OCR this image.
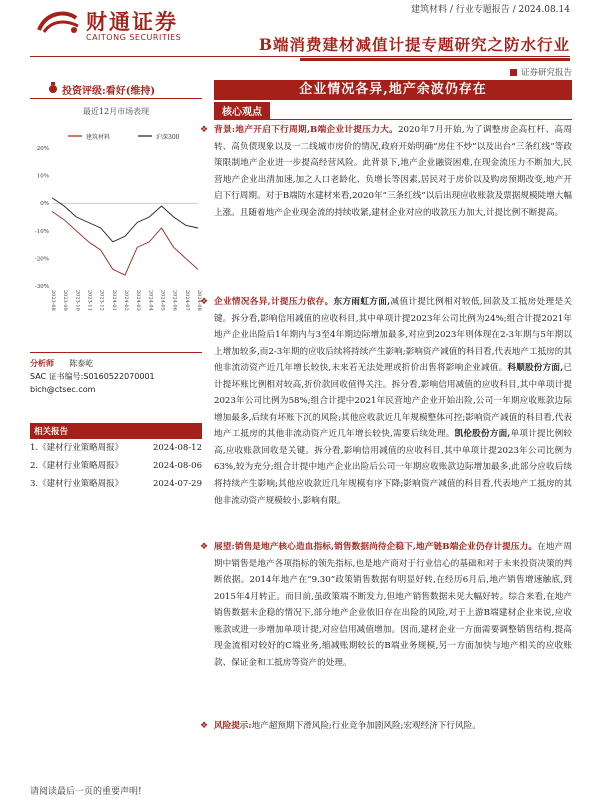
财通证券
CAITONG SECURITIES
建筑材料 / 行业专题报告 / 2024.08.14
B端消费建材减值计提专题研究之防水行业
证券研究报告
投资评级:看好(维持)
最近12月市场表现
建筑材料	沪深300
20%
10%
0%
-10%
-20%
-30%
2023-08 2023-09 2023-10 2023-11 2023-12 2024-01 2024-02 2024-03 2024-04 2024-05 2024-06 2024-07 2024-08
分析师 陈泰屹
SAC 证书编号:S0160522070001
bich@ctsec.com
相关报告
1.《建材行业策略周报》	2024-08-12
2.《建材行业策略周报》	2024-08-06
3.《建材行业策略周报》	2024-07-29
企业情况各异,地产余波仍存在
核心观点
❖ 背景:地产开启下行周期,B端企业计提压力大。2020年7月开始,为了调整房企高杠杆、高周转、高负债现象以及一二线城市房价的情况,政府开始明确“房住不炒”以及出台“三条红线”等政策限制地产企业进一步提高经营风险。此背景下,地产企业融资困难,在现金流压力不断加大,民营地产企业出清加速,加之人口老龄化、负增长等因素,居民对于房价以及购房预期改变,地产开启下行周期。对于B端防水建材来看,2020年“三条红线”以后出现应收账款及票据规模陡增大幅上涨。且随着地产企业现金流的持续收紧,建材企业对应的收款压力加大,计提比例不断提高。
❖ 企业情况各异,计提压力依存。东方雨虹方面,减值计提比例相对较低,回款及工抵房处理是关键。拆分看,影响信用减值的应收科目,其中单项计提2023年公司比例为24%;组合计提2021年地产企业出险后1年期内与3至4年期边际增加最多,对应到2023年则体现在2-3年期与5年期以上增加较多,而2-3年期的应收后续将持续产生影响;影响资产减值的科目看,代表地产工抵房的其他非流动资产近几年增长较快,未来若无法处理或折价出售将影响企业减值。科顺股份方面,已计提坏账比例相对较高,折价款回收值得关注。拆分看,影响信用减值的应收科目,其中单项计提2023年公司比例为58%;组合计提中2021年民营地产企业开始出险,公司一年期应收账款边际增加最多,后续有坏账下沉的风险;其他应收款近几年规模整体可控;影响资产减值的科目看,代表地产工抵房的其他非流动资产近几年增长较快,需要后续处理。凯伦股份方面,单项计提比例较高,应收账款回收是关键。拆分看,影响信用减值的应收科目,其中单项计提2023年公司比例为63%,较为充分;组合计提中地产企业出险后公司一年期应收账款边际增加最多,此部分应收后续将持续产生影响;其他应收款近几年规模有序下降;影响资产减值的科目看,代表地产工抵房的其他非流动资产规模较小,影响有限。
❖ 展望:销售是地产核心造血指标,销售数据尚待企稳下,地产链B端企业仍存计提压力。在地产周期中销售是地产各项指标的领先指标,也是地产商对于行业信心的基础和对于未来投资决策的判断依据。2014年地产在“9.30”政策销售数据有明显好转,在经历6月后,地产销售增速触底,到2015年4月转正。而目前,虽政策端不断发力,但地产销售数据未见大幅好转。综合来看,在地产销售数据未企稳的情况下,部分地产企业依旧存在出险的风险,对于上游B端建材企业来说,应收账款或进一步增加单项计提,对应信用减值增加。因而,建材企业一方面需要调整销售结构,提高现金流相对较好的C端业务,缩减账期较长的B端业务规模,另一方面加快与地产相关的应收账款、保证金和工抵房等资产的处理。
❖ 风险提示:地产超预期下滑风险;行业竞争加剧风险;宏观经济下行风险。
请阅读最后一页的重要声明!
